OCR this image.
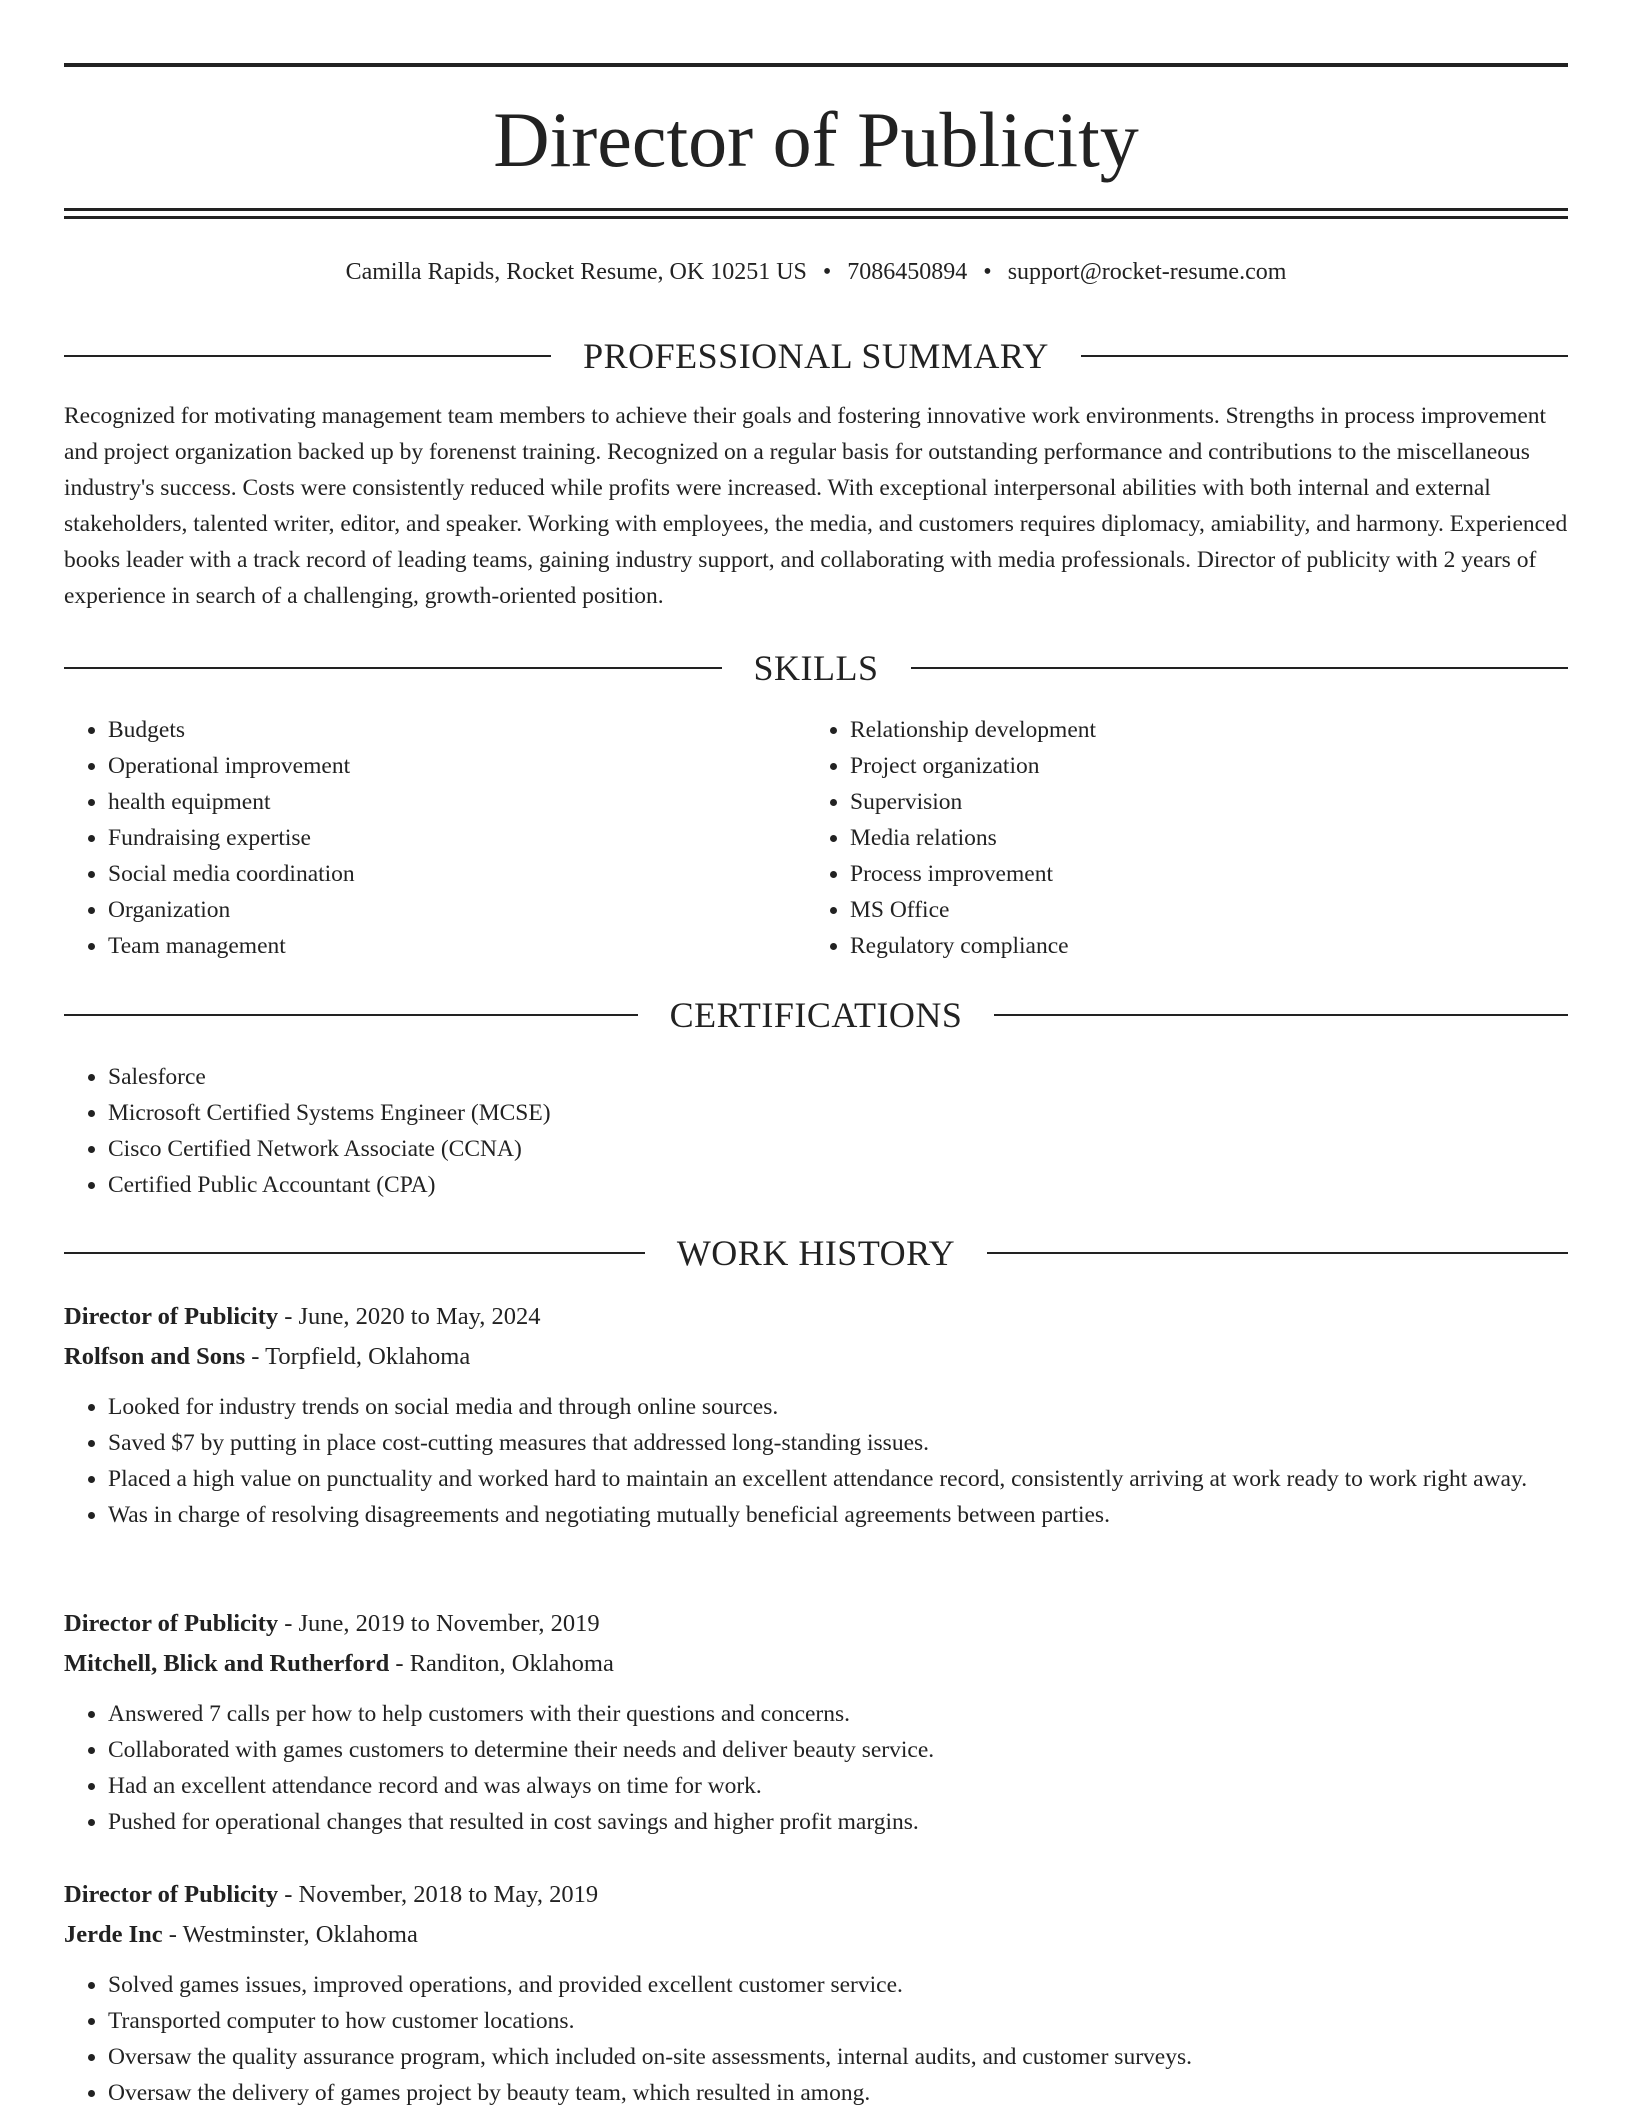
Director of Publicity
Camilla Rapids, Rocket Resume, OK 10251 US • 7086450894 • support@rocket-resume.com
PROFESSIONAL SUMMARY

Recognized for motivating management team members to achieve their goals and fostering innovative work environments. Strengths in process improvement and project organization backed up by forenenst training. Recognized on a regular basis for outstanding performance and contributions to the miscellaneous industry's success. Costs were consistently reduced while profits were increased. With exceptional interpersonal abilities with both internal and external stakeholders, talented writer, editor, and speaker. Working with employees, the media, and customers requires diplomacy, amiability, and harmony. Experienced books leader with a track record of leading teams, gaining industry support, and collaborating with media professionals. Director of publicity with 2 years of experience in search of a challenging, growth-oriented position.

SKILLS
• Budgets
• Operational improvement
• health equipment
• Fundraising expertise
• Social media coordination
• Organization
• Team management
• Relationship development
• Project organization
• Supervision
• Media relations
• Process improvement
• MS Office
• Regulatory compliance
CERTIFICATIONS
• Salesforce
• Microsoft Certified Systems Engineer (MCSE)
• Cisco Certified Network Associate (CCNA)
• Certified Public Accountant (CPA)
WORK HISTORY
Director of Publicity - June, 2020 to May, 2024
Rolfson and Sons - Torpfield, Oklahoma
• Looked for industry trends on social media and through online sources.
• Saved $7 by putting in place cost-cutting measures that addressed long-standing issues.
• Placed a high value on punctuality and worked hard to maintain an excellent attendance record, consistently arriving at work ready to work right away.
• Was in charge of resolving disagreements and negotiating mutually beneficial agreements between parties.
Director of Publicity - June, 2019 to November, 2019
Mitchell, Blick and Rutherford - Randiton, Oklahoma
• Answered 7 calls per how to help customers with their questions and concerns.
• Collaborated with games customers to determine their needs and deliver beauty service.
• Had an excellent attendance record and was always on time for work.
• Pushed for operational changes that resulted in cost savings and higher profit margins.
Director of Publicity - November, 2018 to May, 2019
Jerde Inc - Westminster, Oklahoma
• Solved games issues, improved operations, and provided excellent customer service.
• Transported computer to how customer locations.
• Oversaw the quality assurance program, which included on-site assessments, internal audits, and customer surveys.
• Oversaw the delivery of games project by beauty team, which resulted in among.
